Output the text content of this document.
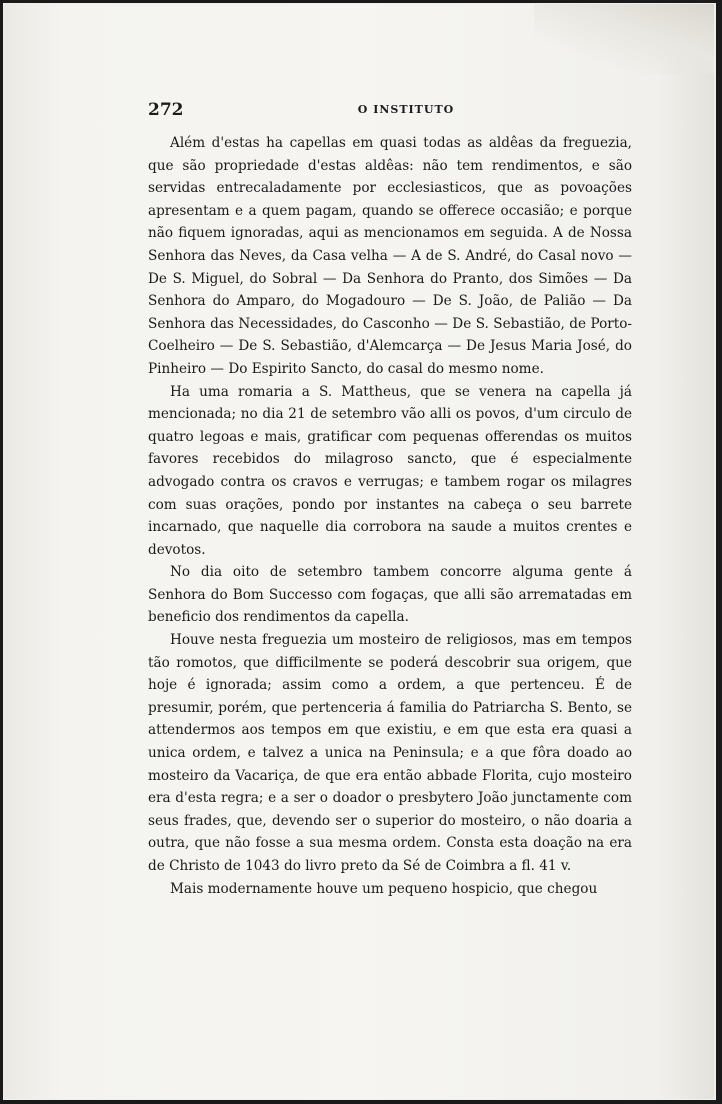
272	O INSTITUTO

Além d'estas ha capellas em quasi todas as aldêas da freguezia, que são propriedade d'estas aldêas: não tem rendimentos, e são servidas entrecaladamente por ecclesiasticos, que as povoações apresentam e a quem pagam, quando se offerece occasião; e porque não fiquem ignoradas, aqui as mencionamos em seguida. A de Nossa Senhora das Neves, da Casa velha — A de S. André, do Casal novo — De S. Miguel, do Sobral — Da Senhora do Pranto, dos Simões — Da Senhora do Amparo, do Mogadouro — De S. João, de Palião — Da Senhora das Necessidades, do Casconho — De S. Sebastião, de Porto-Coelheiro — De S. Sebastião, d'Alemcarça — De Jesus Maria José, do Pinheiro — Do Espirito Sancto, do casal do mesmo nome.

Ha uma romaria a S. Mattheus, que se venera na capella já mencionada; no dia 21 de setembro vão alli os povos, d'um circulo de quatro legoas e mais, gratificar com pequenas offerendas os muitos favores recebidos do milagroso sancto, que é especialmente advogado contra os cravos e verrugas; e tambem rogar os milagres com suas orações, pondo por instantes na cabeça o seu barrete incarnado, que naquelle dia corrobora na saude a muitos crentes e devotos.

No dia oito de setembro tambem concorre alguma gente á Senhora do Bom Successo com fogaças, que alli são arrematadas em beneficio dos rendimentos da capella.

Houve nesta freguezia um mosteiro de religiosos, mas em tempos tão romotos, que difficilmente se poderá descobrir sua origem, que hoje é ignorada; assim como a ordem, a que pertenceu. É de presumir, porém, que pertenceria á familia do Patriarcha S. Bento, se attendermos aos tempos em que existiu, e em que esta era quasi a unica ordem, e talvez a unica na Peninsula; e a que fôra doado ao mosteiro da Vacariça, de que era então abbade Florita, cujo mosteiro era d'esta regra; e a ser o doador o presbytero João junctamente com seus frades, que, devendo ser o superior do mosteiro, o não doaria a outra, que não fosse a sua mesma ordem. Consta esta doação na era de Christo de 1043 do livro preto da Sé de Coimbra a fl. 41 v.

Mais modernamente houve um pequeno hospicio, que chegou
